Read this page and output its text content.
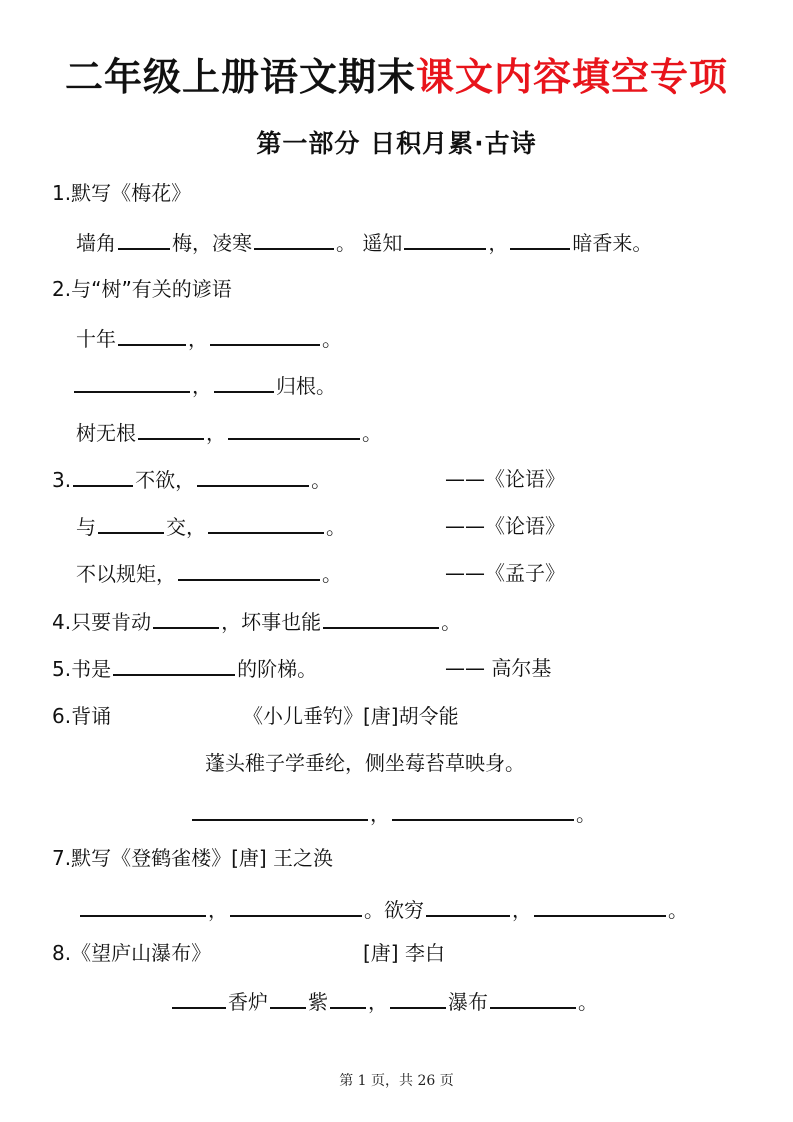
二年级上册语文期末课文内容填空专项
第一部分 日积月累·古诗
1.默写《梅花》
墙角	梅，凌寒	。 遥知	，	暗香来。
2.与“树”有关的谚语
十年	，	。
，	归根。
树无根	，	。
3.	不欲，	。	——《论语》
与	交，	。	——《论语》
不以规矩，	。	——《孟子》
4.只要肯动	，坏事也能	。
5.书是	的阶梯。	—— 高尔基
6.背诵	《小儿垂钓》[唐]胡令能
蓬头稚子学垂纶，侧坐莓苔草映身。
，	。
7.默写《登鹤雀楼》[唐] 王之涣
，	。欲穷	，	。
8.《望庐山瀑布》	[唐] 李白
香炉 紫 ，	瀑布	。
第 1 页，共 26 页
